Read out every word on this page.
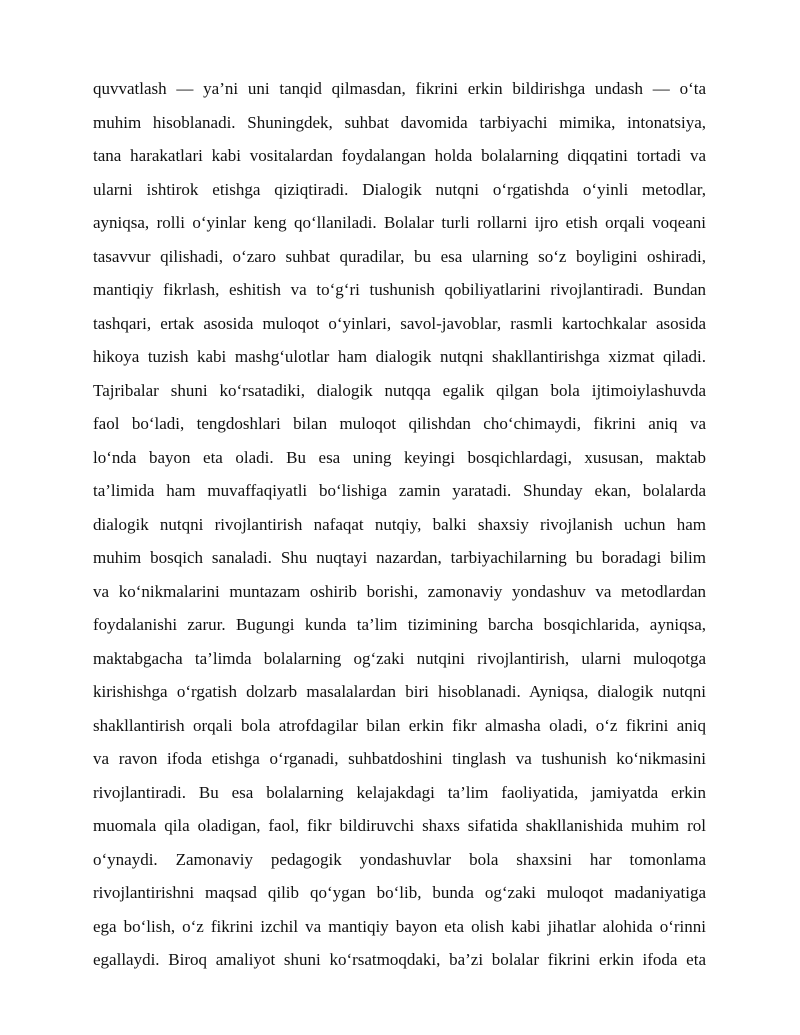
quvvatlash — ya’ni uni tanqid qilmasdan, fikrini erkin bildirishga undash — o‘ta
muhim hisoblanadi. Shuningdek, suhbat davomida tarbiyachi mimika, intonatsiya,
tana harakatlari kabi vositalardan foydalangan holda bolalarning diqqatini tortadi va
ularni ishtirok etishga qiziqtiradi. Dialogik nutqni o‘rgatishda o‘yinli metodlar,
ayniqsa, rolli o‘yinlar keng qo‘llaniladi. Bolalar turli rollarni ijro etish orqali voqeani
tasavvur qilishadi, o‘zaro suhbat quradilar, bu esa ularning so‘z boyligini oshiradi,
mantiqiy fikrlash, eshitish va to‘g‘ri tushunish qobiliyatlarini rivojlantiradi. Bundan
tashqari, ertak asosida muloqot o‘yinlari, savol-javoblar, rasmli kartochkalar asosida
hikoya tuzish kabi mashg‘ulotlar ham dialogik nutqni shakllantirishga xizmat qiladi.
Tajribalar shuni ko‘rsatadiki, dialogik nutqqa egalik qilgan bola ijtimoiylashuvda
faol bo‘ladi, tengdoshlari bilan muloqot qilishdan cho‘chimaydi, fikrini aniq va
lo‘nda bayon eta oladi. Bu esa uning keyingi bosqichlardagi, xususan, maktab
ta’limida ham muvaffaqiyatli bo‘lishiga zamin yaratadi. Shunday ekan, bolalarda
dialogik nutqni rivojlantirish nafaqat nutqiy, balki shaxsiy rivojlanish uchun ham
muhim bosqich sanaladi. Shu nuqtayi nazardan, tarbiyachilarning bu boradagi bilim
va ko‘nikmalarini muntazam oshirib borishi, zamonaviy yondashuv va metodlardan
foydalanishi zarur. Bugungi kunda ta’lim tizimining barcha bosqichlarida, ayniqsa,
maktabgacha ta’limda bolalarning og‘zaki nutqini rivojlantirish, ularni muloqotga
kirishishga o‘rgatish dolzarb masalalardan biri hisoblanadi. Ayniqsa, dialogik nutqni
shakllantirish orqali bola atrofdagilar bilan erkin fikr almasha oladi, o‘z fikrini aniq
va ravon ifoda etishga o‘rganadi, suhbatdoshini tinglash va tushunish ko‘nikmasini
rivojlantiradi. Bu esa bolalarning kelajakdagi ta’lim faoliyatida, jamiyatda erkin
muomala qila oladigan, faol, fikr bildiruvchi shaxs sifatida shakllanishida muhim rol
o‘ynaydi. Zamonaviy pedagogik yondashuvlar bola shaxsini har tomonlama
rivojlantirishni maqsad qilib qo‘ygan bo‘lib, bunda og‘zaki muloqot madaniyatiga
ega bo‘lish, o‘z fikrini izchil va mantiqiy bayon eta olish kabi jihatlar alohida o‘rinni
egallaydi. Biroq amaliyot shuni ko‘rsatmoqdaki, ba’zi bolalar fikrini erkin ifoda eta
